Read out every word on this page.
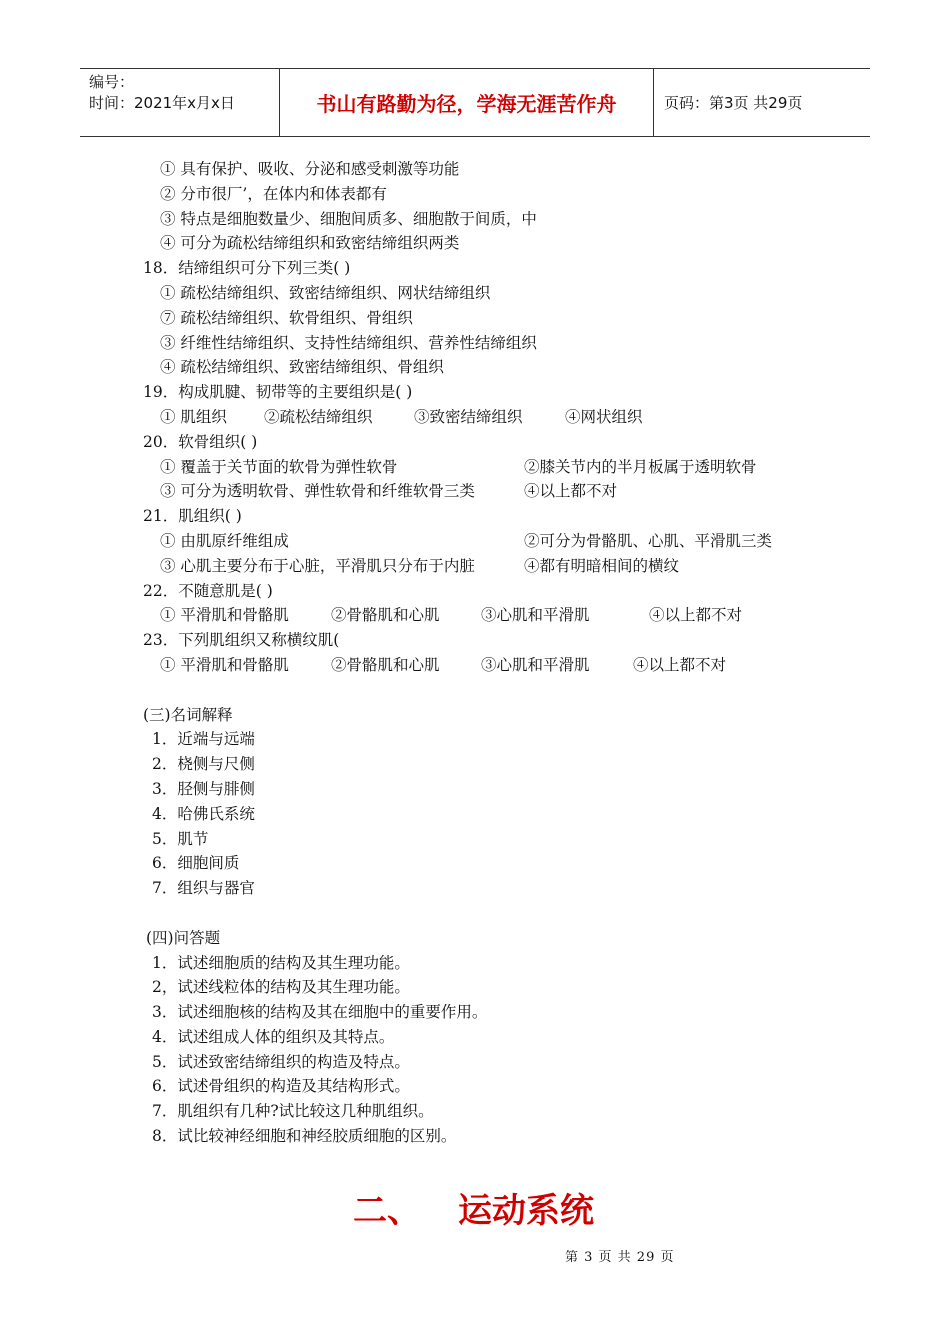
编号：
时间：2021年x月x日	书山有路勤为径，学海无涯苦作舟	页码：第3页 共29页
① 具有保护、吸收、分泌和感受刺激等功能
② 分市很厂’，在体内和体表都有
③ 特点是细胞数量少、细胞间质多、细胞散于间质，中
④ 可分为疏松结缔组织和致密结缔组织两类
18．结缔组织可分下列三类( )
① 疏松结缔组织、致密结缔组织、网状结缔组织
⑦ 疏松结缔组织、软骨组织、骨组织
③ 纤维性结缔组织、支持性结缔组织、营养性结缔组织
④ 疏松结缔组织、致密结缔组织、骨组织
19．构成肌腱、韧带等的主要组织是( )
① 肌组织 ②疏松结缔组织	③致密结缔组织	④网状组织
20．软骨组织( )
① 覆盖于关节面的软骨为弹性软骨	②膝关节内的半月板属于透明软骨
③ 可分为透明软骨、弹性软骨和纤维软骨三类	④以上都不对
21．肌组织( )
① 由肌原纤维组成	②可分为骨骼肌、心肌、平滑肌三类
③ 心肌主要分布于心脏，平滑肌只分布于内脏	④都有明暗相间的横纹
22．不随意肌是( )
① 平滑肌和骨骼肌	②骨骼肌和心肌	③心肌和平滑肌	④以上都不对
23．下列肌组织又称横纹肌(
① 平滑肌和骨骼肌	②骨骼肌和心肌	③心肌和平滑肌	④以上都不对
(三)名词解释
1．近端与远端
2．桡侧与尺侧
3．胫侧与腓侧
4．哈佛氏系统
5．肌节
6．细胞间质
7．组织与器官
(四)问答题
1．试述细胞质的结构及其生理功能。
2，试述线粒体的结构及其生理功能。
3．试述细胞核的结构及其在细胞中的重要作用。
4．试述组成人体的组织及其特点。
5．试述致密结缔组织的构造及特点。
6．试述骨组织的构造及其结构形式。
7．肌组织有几种?试比较这几种肌组织。
8．试比较神经细胞和神经胶质细胞的区别。
二、 运动系统
第 3 页 共 29 页
